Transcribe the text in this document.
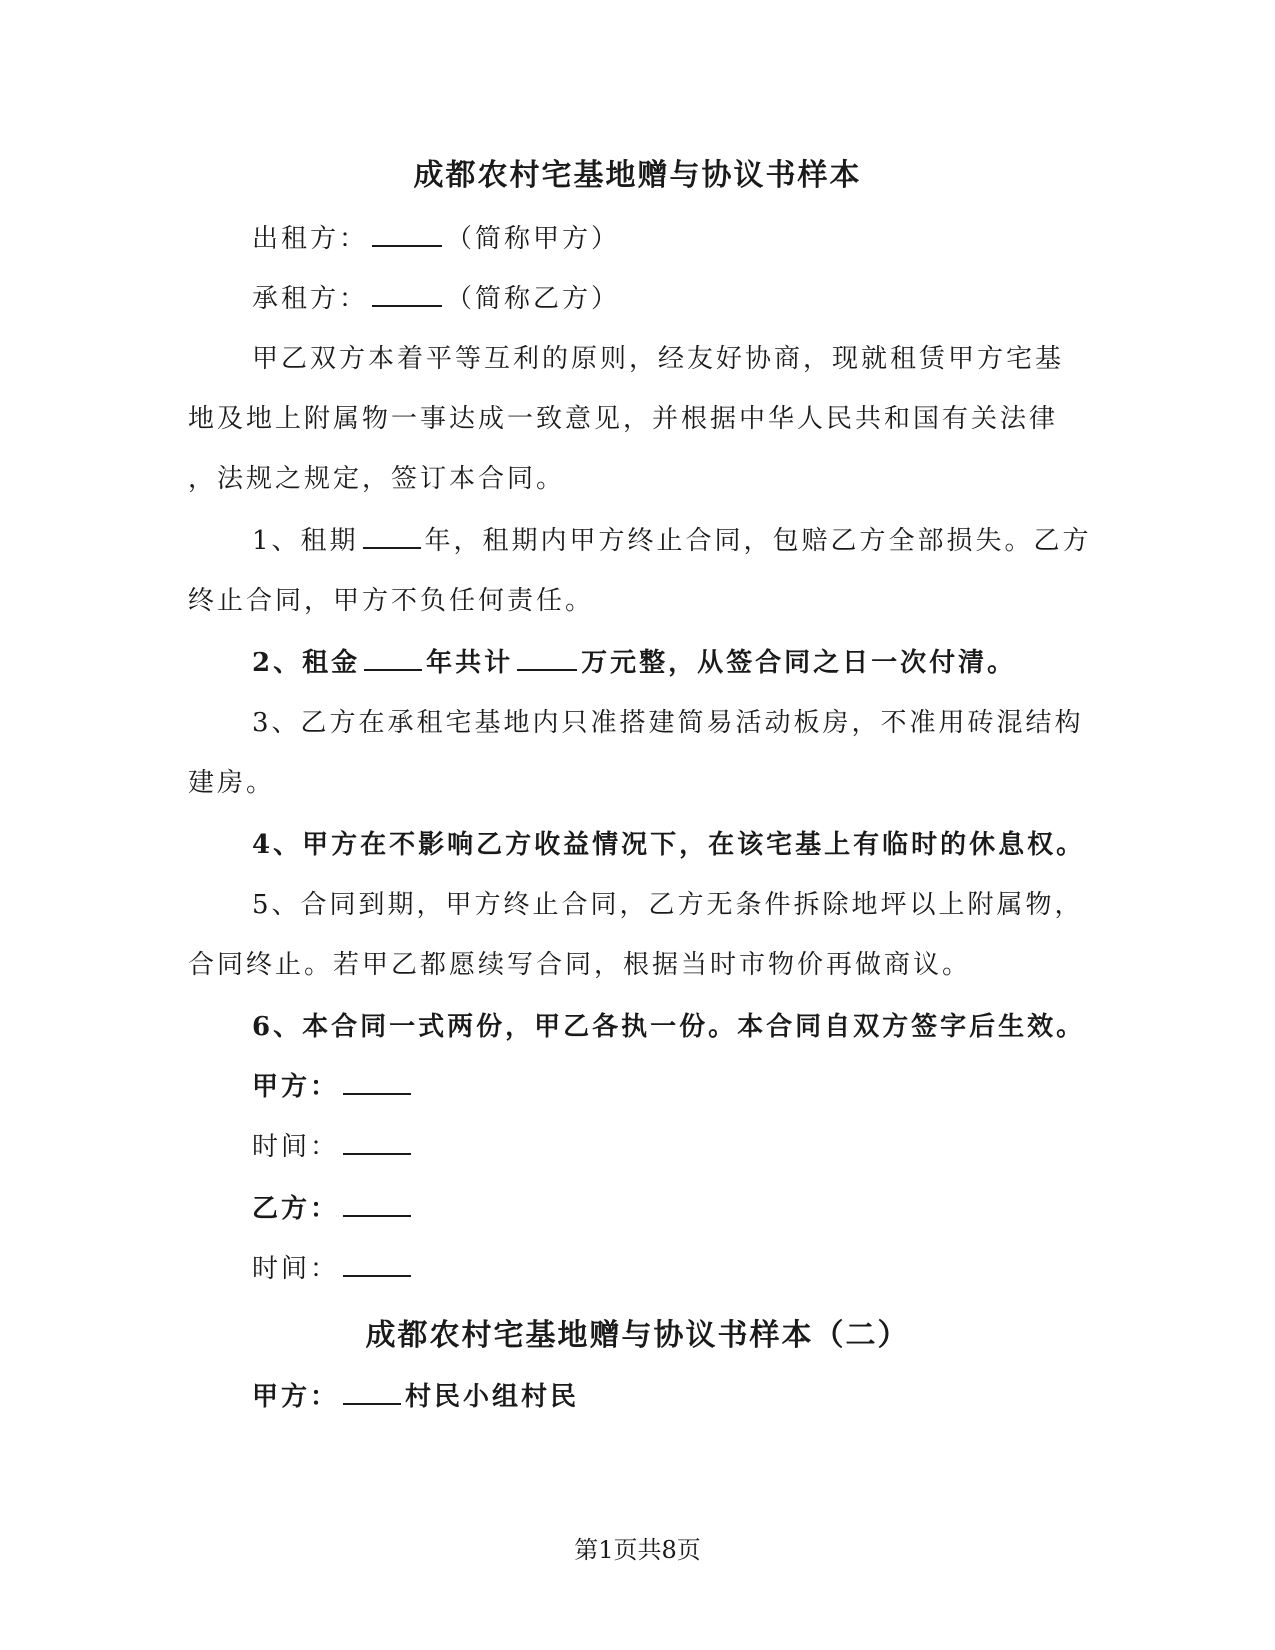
成都农村宅基地赠与协议书样本

出租方：	（简称甲方）

承租方：	（简称乙方）

甲乙双方本着平等互利的原则，经友好协商，现就租赁甲方宅基

地及地上附属物一事达成一致意见，并根据中华人民共和国有关法律

，法规之规定，签订本合同。

1、租期	年，租期内甲方终止合同，包赔乙方全部损失。乙方

终止合同，甲方不负任何责任。

2、租金	年共计	万元整，从签合同之日一次付清。

3、乙方在承租宅基地内只准搭建简易活动板房，不准用砖混结构

建房。

4、甲方在不影响乙方收益情况下，在该宅基上有临时的休息权。

5、合同到期，甲方终止合同，乙方无条件拆除地坪以上附属物，

合同终止。若甲乙都愿续写合同，根据当时市物价再做商议。

6、本合同一式两份，甲乙各执一份。本合同自双方签字后生效。

甲方：

时间：

乙方：

时间：

成都农村宅基地赠与协议书样本（二）

甲方：	村民小组村民

第1页共8页
